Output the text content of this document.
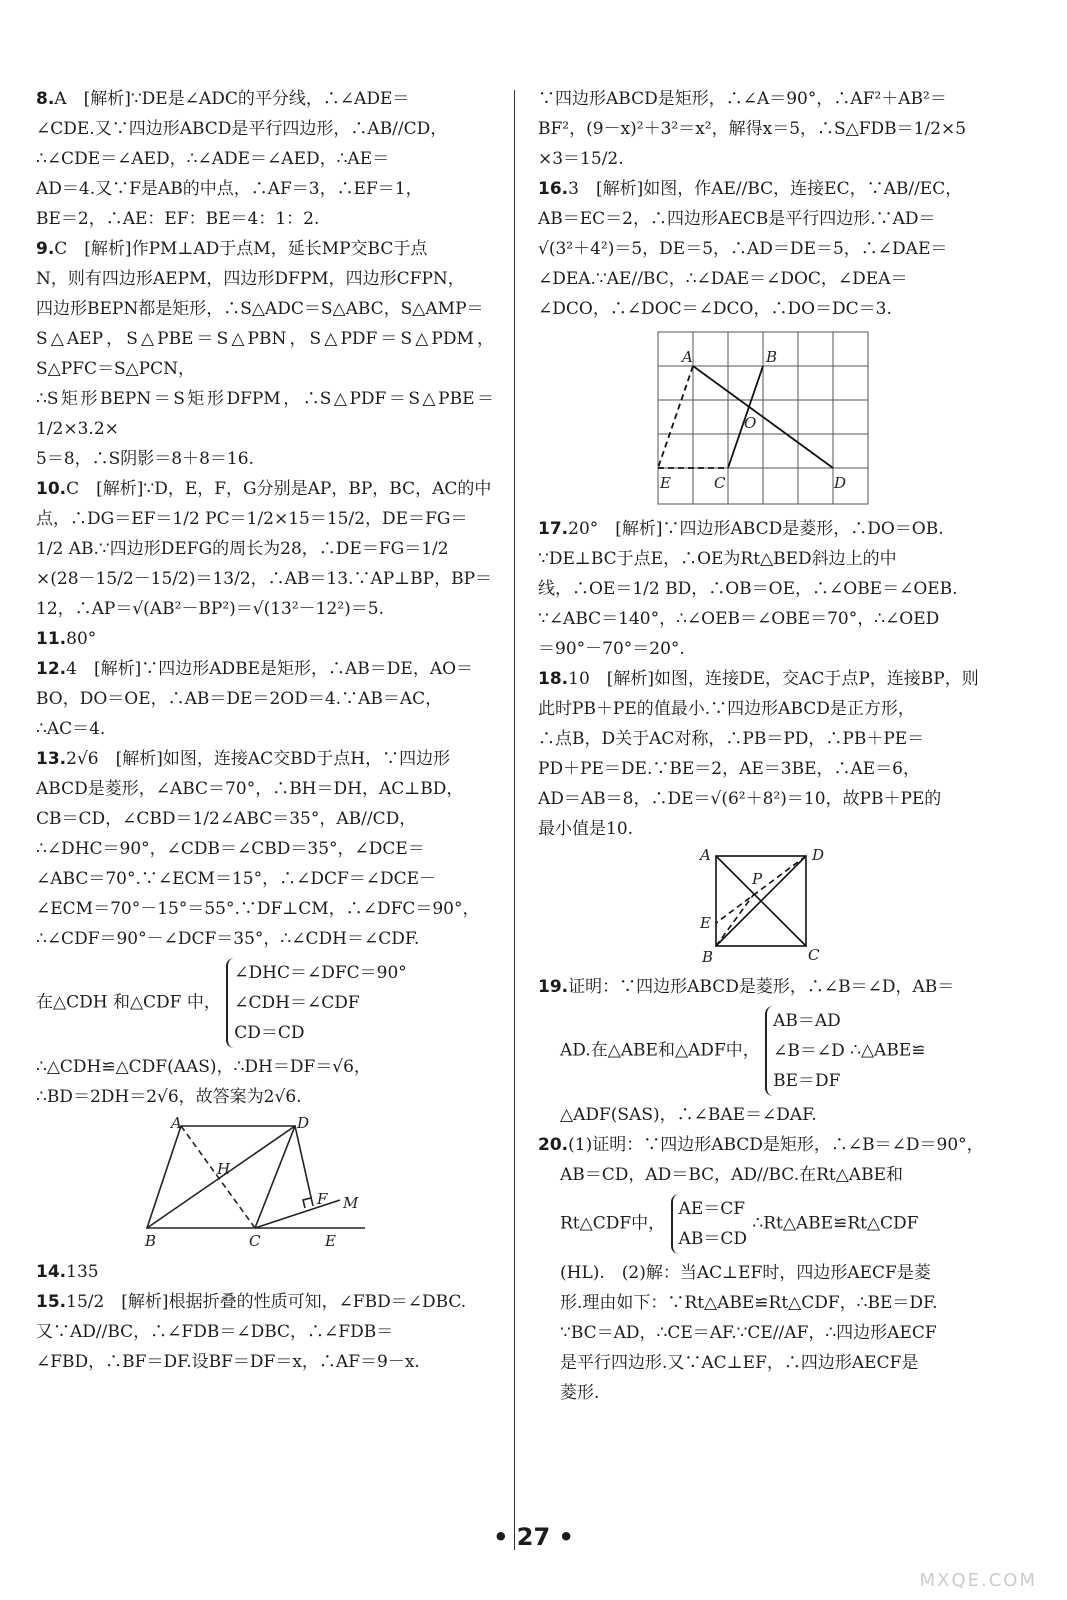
8.A　[解析]∵DE是∠ADC的平分线，∴∠ADE＝

∠CDE.又∵四边形ABCD是平行四边形，∴AB//CD，

∴∠CDE＝∠AED，∴∠ADE＝∠AED，∴AE＝

AD＝4.又∵F是AB的中点，∴AF＝3，∴EF＝1，

BE＝2，∴AE：EF：BE＝4：1：2.

9.C　[解析]作PM⊥AD于点M，延长MP交BC于点

N，则有四边形AEPM，四边形DFPM，四边形CFPN，

四边形BEPN都是矩形，∴S△ADC＝S△ABC，S△AMP＝

S△AEP，S△PBE＝S△PBN，S△PDF＝S△PDM，S△PFC＝S△PCN，

∴S矩形BEPN＝S矩形DFPM，∴S△PDF＝S△PBE＝1/2×3.2×

5＝8，∴S阴影＝8＋8＝16.

10.C　[解析]∵D，E，F，G分别是AP，BP，BC，AC的中

点，∴DG＝EF＝1/2 PC＝1/2×15＝15/2，DE＝FG＝

1/2 AB.∵四边形DEFG的周长为28，∴DE＝FG＝1/2

×(28－15/2－15/2)＝13/2，∴AB＝13.∵AP⊥BP，BP＝

12，∴AP＝√(AB²－BP²)＝√(13²－12²)＝5.

11.80°

12.4　[解析]∵四边形ADBE是矩形，∴AB＝DE，AO＝

BO，DO＝OE，∴AB＝DE＝2OD＝4.∵AB＝AC，

∴AC＝4.

13.2√6　[解析]如图，连接AC交BD于点H，∵四边形

ABCD是菱形，∠ABC＝70°，∴BH＝DH，AC⊥BD，

CB＝CD，∠CBD＝1/2∠ABC＝35°，AB//CD，

∴∠DHC＝90°，∠CDB＝∠CBD＝35°，∠DCE＝

∠ABC＝70°.∵∠ECM＝15°，∴∠DCF＝∠DCE－

∠ECM＝70°－15°＝55°.∵DF⊥CM，∴∠DFC＝90°，

∴∠CDF＝90°－∠DCF＝35°，∴∠CDH＝∠CDF.

在△CDH 和△CDF 中， ∠DHC＝∠DFC＝90°
∠CDH＝∠CDF
CD＝CD

∴△CDH≌△CDF(AAS)，∴DH＝DF＝√6，

∴BD＝2DH＝2√6，故答案为2√6.

A	D
H
F M
B	C	E

14.135

15.15/2　[解析]根据折叠的性质可知，∠FBD＝∠DBC.

又∵AD//BC，∴∠FDB＝∠DBC，∴∠FDB＝

∠FBD，∴BF＝DF.设BF＝DF＝x，∴AF＝9－x.

∵四边形ABCD是矩形，∴∠A＝90°，∴AF²＋AB²＝

BF²，(9－x)²＋3²＝x²，解得x＝5，∴S△FDB＝1/2×5

×3＝15/2.

16.3　[解析]如图，作AE//BC，连接EC，∵AB//EC，

AB＝EC＝2，∴四边形AECB是平行四边形.∵AD＝

√(3²＋4²)＝5，DE＝5，∴AD＝DE＝5，∴∠DAE＝

∠DEA.∵AE//BC，∴∠DAE＝∠DOC，∠DEA＝

∠DCO，∴∠DOC＝∠DCO，∴DO＝DC＝3.

A	B
O
E	C	D

17.20°　[解析]∵四边形ABCD是菱形，∴DO＝OB.

∵DE⊥BC于点E，∴OE为Rt△BED斜边上的中

线，∴OE＝1/2 BD，∴OB＝OE，∴∠OBE＝∠OEB.

∵∠ABC＝140°，∴∠OEB＝∠OBE＝70°，∴∠OED

＝90°－70°＝20°.

18.10　[解析]如图，连接DE，交AC于点P，连接BP，则

此时PB＋PE的值最小.∵四边形ABCD是正方形，

∴点B，D关于AC对称，∴PB＝PD，∴PB＋PE＝

PD＋PE＝DE.∵BE＝2，AE＝3BE，∴AE＝6，

AD＝AB＝8，∴DE＝√(6²＋8²)＝10，故PB＋PE的

最小值是10.

A	D
P
E
B	C

19.证明：∵四边形ABCD是菱形，∴∠B＝∠D，AB＝

AD.在△ABE和△ADF中， AB＝AD
∠B＝∠D
BE＝DF ∴△ABE≌

△ADF(SAS)，∴∠BAE＝∠DAF.

20.(1)证明：∵四边形ABCD是矩形，∴∠B＝∠D＝90°，

AB＝CD，AD＝BC，AD//BC.在Rt△ABE和

Rt△CDF中， AE＝CF
AB＝CD ∴Rt△ABE≌Rt△CDF

(HL).　(2)解：当AC⊥EF时，四边形AECF是菱

形.理由如下：∵Rt△ABE≌Rt△CDF，∴BE＝DF.

∵BC＝AD，∴CE＝AF.∵CE//AF，∴四边形AECF

是平行四边形.又∵AC⊥EF，∴四边形AECF是

菱形.

• 27 •
MXQE.COM
